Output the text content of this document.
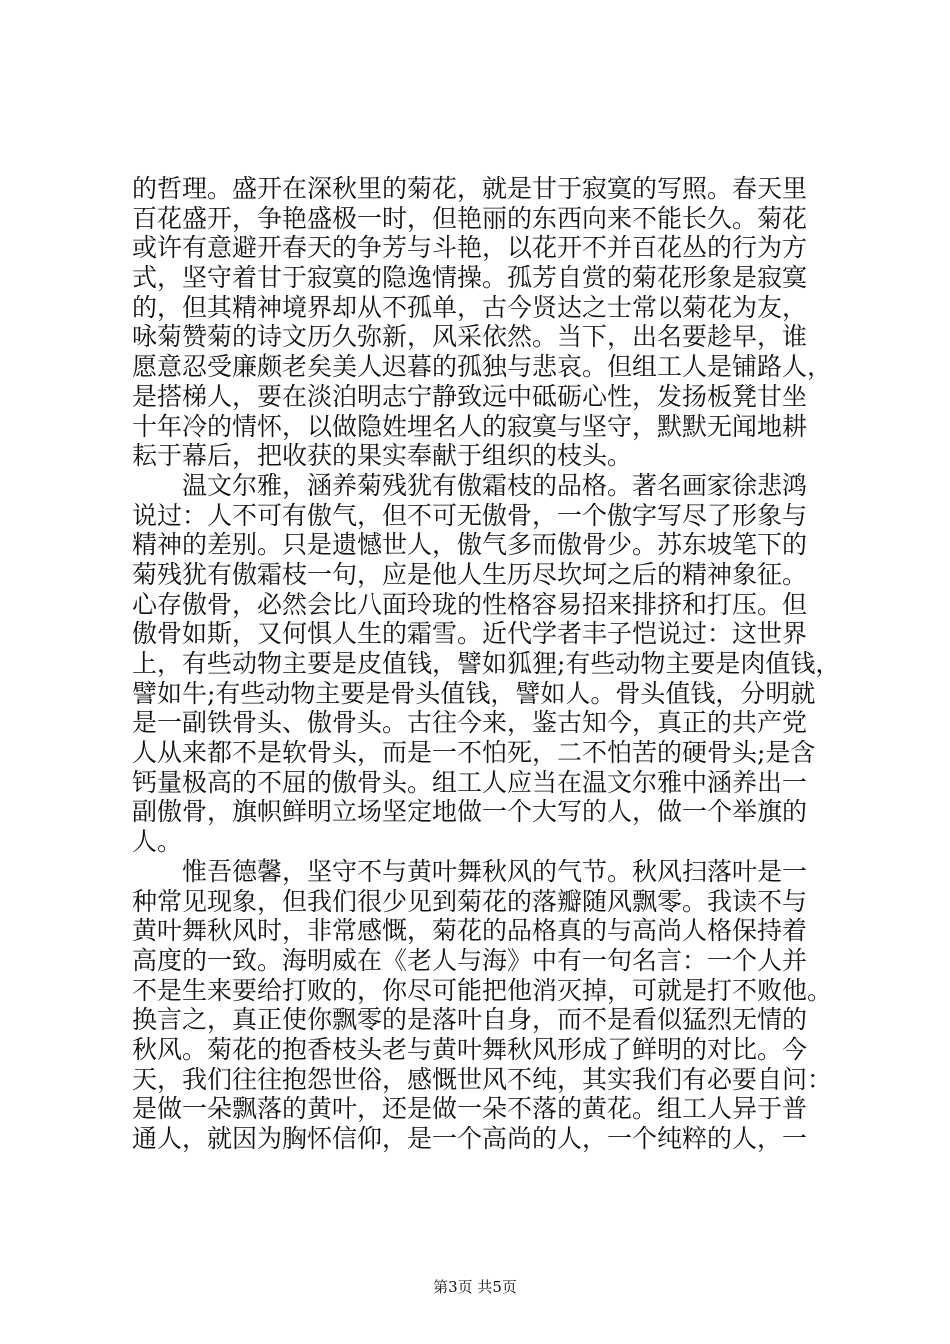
的哲理。盛开在深秋里的菊花，就是甘于寂寞的写照。春天里
百花盛开，争艳盛极一时，但艳丽的东西向来不能长久。菊花
或许有意避开春天的争芳与斗艳，以花开不并百花丛的行为方
式，坚守着甘于寂寞的隐逸情操。孤芳自赏的菊花形象是寂寞
的，但其精神境界却从不孤单，古今贤达之士常以菊花为友，
咏菊赞菊的诗文历久弥新，风采依然。当下，出名要趁早，谁
愿意忍受廉颇老矣美人迟暮的孤独与悲哀。但组工人是铺路人，
是搭梯人，要在淡泊明志宁静致远中砥砺心性，发扬板凳甘坐
十年冷的情怀，以做隐姓埋名人的寂寞与坚守，默默无闻地耕
耘于幕后，把收获的果实奉献于组织的枝头。
　　温文尔雅，涵养菊残犹有傲霜枝的品格。著名画家徐悲鸿
说过：人不可有傲气，但不可无傲骨，一个傲字写尽了形象与
精神的差别。只是遗憾世人，傲气多而傲骨少。苏东坡笔下的
菊残犹有傲霜枝一句，应是他人生历尽坎坷之后的精神象征。
心存傲骨，必然会比八面玲珑的性格容易招来排挤和打压。但
傲骨如斯，又何惧人生的霜雪。近代学者丰子恺说过：这世界
上，有些动物主要是皮值钱，譬如狐狸;有些动物主要是肉值钱，
譬如牛;有些动物主要是骨头值钱，譬如人。骨头值钱，分明就
是一副铁骨头、傲骨头。古往今来，鉴古知今，真正的共产党
人从来都不是软骨头，而是一不怕死，二不怕苦的硬骨头;是含
钙量极高的不屈的傲骨头。组工人应当在温文尔雅中涵养出一
副傲骨，旗帜鲜明立场坚定地做一个大写的人，做一个举旗的
人。
　　惟吾德馨，坚守不与黄叶舞秋风的气节。秋风扫落叶是一
种常见现象，但我们很少见到菊花的落瓣随风飘零。我读不与
黄叶舞秋风时，非常感慨，菊花的品格真的与高尚人格保持着
高度的一致。海明威在《老人与海》中有一句名言：一个人并
不是生来要给打败的，你尽可能把他消灭掉，可就是打不败他。
换言之，真正使你飘零的是落叶自身，而不是看似猛烈无情的
秋风。菊花的抱香枝头老与黄叶舞秋风形成了鲜明的对比。今
天，我们往往抱怨世俗，感慨世风不纯，其实我们有必要自问：
是做一朵飘落的黄叶，还是做一朵不落的黄花。组工人异于普
通人，就因为胸怀信仰，是一个高尚的人，一个纯粹的人，一
第3页 共5页
